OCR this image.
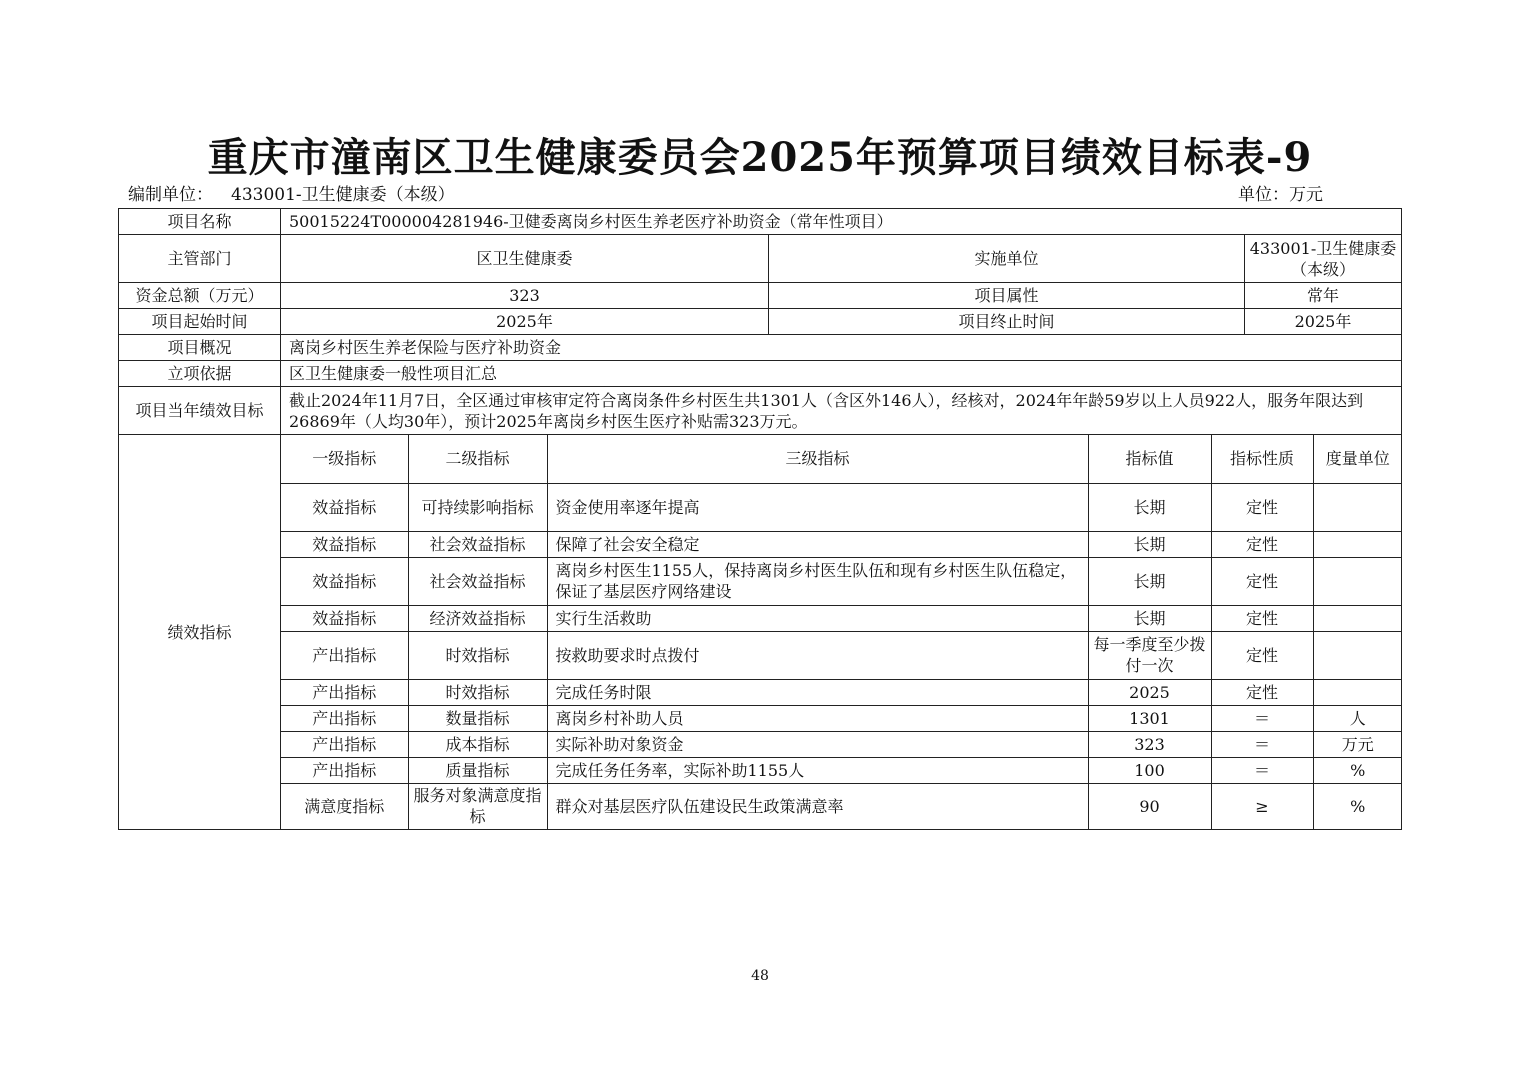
重庆市潼南区卫生健康委员会2025年预算项目绩效目标表-9
编制单位： 433001-卫生健康委（本级）	单位：万元
项目名称	50015224T000004281946-卫健委离岗乡村医生养老医疗补助资金（常年性项目）
主管部门	区卫生健康委	实施单位	433001-卫生健康委（本级）
资金总额（万元）	323	项目属性	常年
项目起始时间	2025年	项目终止时间	2025年
项目概况	离岗乡村医生养老保险与医疗补助资金
立项依据	区卫生健康委一般性项目汇总
项目当年绩效目标	截止2024年11月7日，全区通过审核审定符合离岗条件乡村医生共1301人（含区外146人），经核对，2024年年龄59岁以上人员922人，服务年限达到26869年（人均30年），预计2025年离岗乡村医生医疗补贴需323万元。
绩效指标	
一级指标	二级指标	三级指标	指标值	指标性质	度量单位
效益指标	可持续影响指标	资金使用率逐年提高	长期	定性	
效益指标	社会效益指标	保障了社会安全稳定	长期	定性	
效益指标	社会效益指标	离岗乡村医生1155人，保持离岗乡村医生队伍和现有乡村医生队伍稳定，保证了基层医疗网络建设	长期	定性	
效益指标	经济效益指标	实行生活救助	长期	定性	
产出指标	时效指标	按救助要求时点拨付	每一季度至少拨付一次	定性	
产出指标	时效指标	完成任务时限	2025	定性	
产出指标	数量指标	离岗乡村补助人员	1301	＝	人
产出指标	成本指标	实际补助对象资金	323	＝	万元
产出指标	质量指标	完成任务任务率，实际补助1155人	100	＝	%
满意度指标	服务对象满意度指标	群众对基层医疗队伍建设民生政策满意率	90	≥	%
48
